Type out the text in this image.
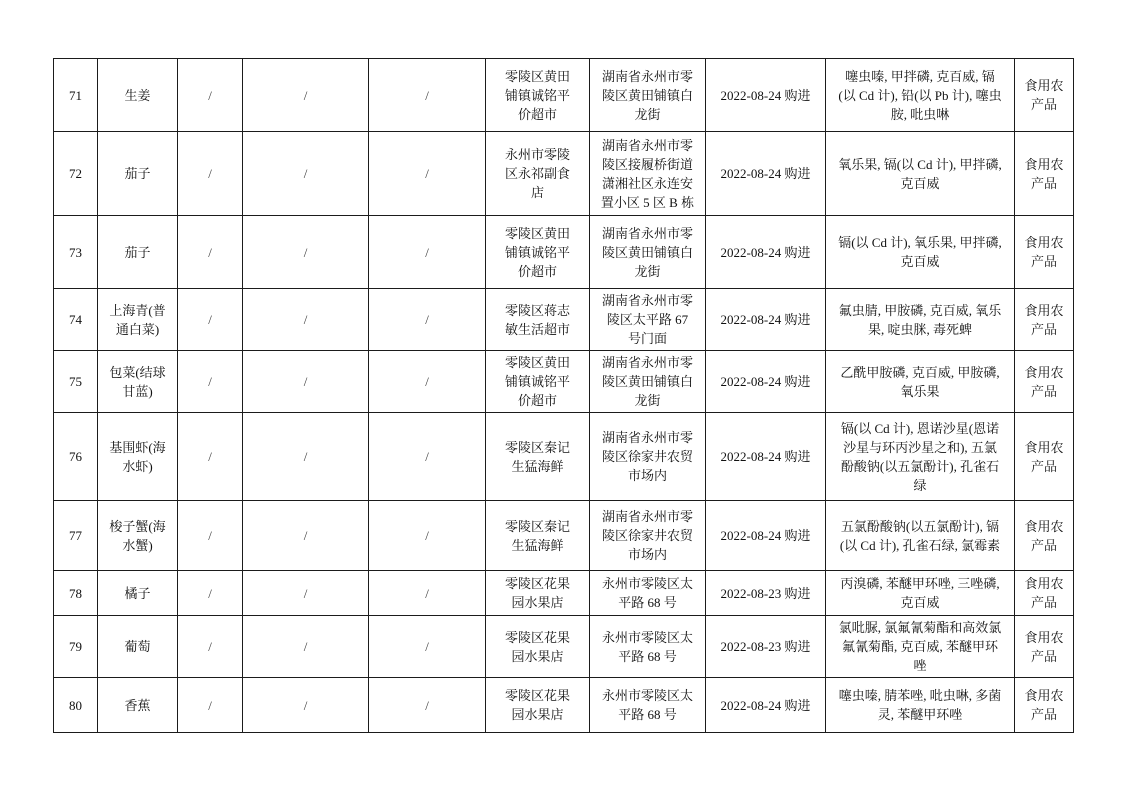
71	生姜	/	/	/	零陵区黄田铺镇诚铭平价超市	湖南省永州市零陵区黄田铺镇白龙街	2022-08-24 购进	噻虫嗪, 甲拌磷, 克百威, 镉(以 Cd 计), 铅(以 Pb 计), 噻虫胺, 吡虫啉	食用农产品
72	茄子	/	/	/	永州市零陵区永祁副食店	湖南省永州市零陵区接履桥街道潇湘社区永连安置小区 5 区 B 栋	2022-08-24 购进	氧乐果, 镉(以 Cd 计), 甲拌磷, 克百威	食用农产品
73	茄子	/	/	/	零陵区黄田铺镇诚铭平价超市	湖南省永州市零陵区黄田铺镇白龙街	2022-08-24 购进	镉(以 Cd 计), 氧乐果, 甲拌磷, 克百威	食用农产品
74	上海青(普通白菜)	/	/	/	零陵区蒋志敏生活超市	湖南省永州市零陵区太平路 67 号门面	2022-08-24 购进	氟虫腈, 甲胺磷, 克百威, 氧乐果, 啶虫脒, 毒死蜱	食用农产品
75	包菜(结球甘蓝)	/	/	/	零陵区黄田铺镇诚铭平价超市	湖南省永州市零陵区黄田铺镇白龙街	2022-08-24 购进	乙酰甲胺磷, 克百威, 甲胺磷, 氧乐果	食用农产品
76	基围虾(海水虾)	/	/	/	零陵区秦记生猛海鲜	湖南省永州市零陵区徐家井农贸市场内	2022-08-24 购进	镉(以 Cd 计), 恩诺沙星(恩诺沙星与环丙沙星之和), 五氯酚酸钠(以五氯酚计), 孔雀石绿	食用农产品
77	梭子蟹(海水蟹)	/	/	/	零陵区秦记生猛海鲜	湖南省永州市零陵区徐家井农贸市场内	2022-08-24 购进	五氯酚酸钠(以五氯酚计), 镉(以 Cd 计), 孔雀石绿, 氯霉素	食用农产品
78	橘子	/	/	/	零陵区花果园水果店	永州市零陵区太平路 68 号	2022-08-23 购进	丙溴磷, 苯醚甲环唑, 三唑磷, 克百威	食用农产品
79	葡萄	/	/	/	零陵区花果园水果店	永州市零陵区太平路 68 号	2022-08-23 购进	氯吡脲, 氯氟氰菊酯和高效氯氟氰菊酯, 克百威, 苯醚甲环唑	食用农产品
80	香蕉	/	/	/	零陵区花果园水果店	永州市零陵区太平路 68 号	2022-08-24 购进	噻虫嗪, 腈苯唑, 吡虫啉, 多菌灵, 苯醚甲环唑	食用农产品
